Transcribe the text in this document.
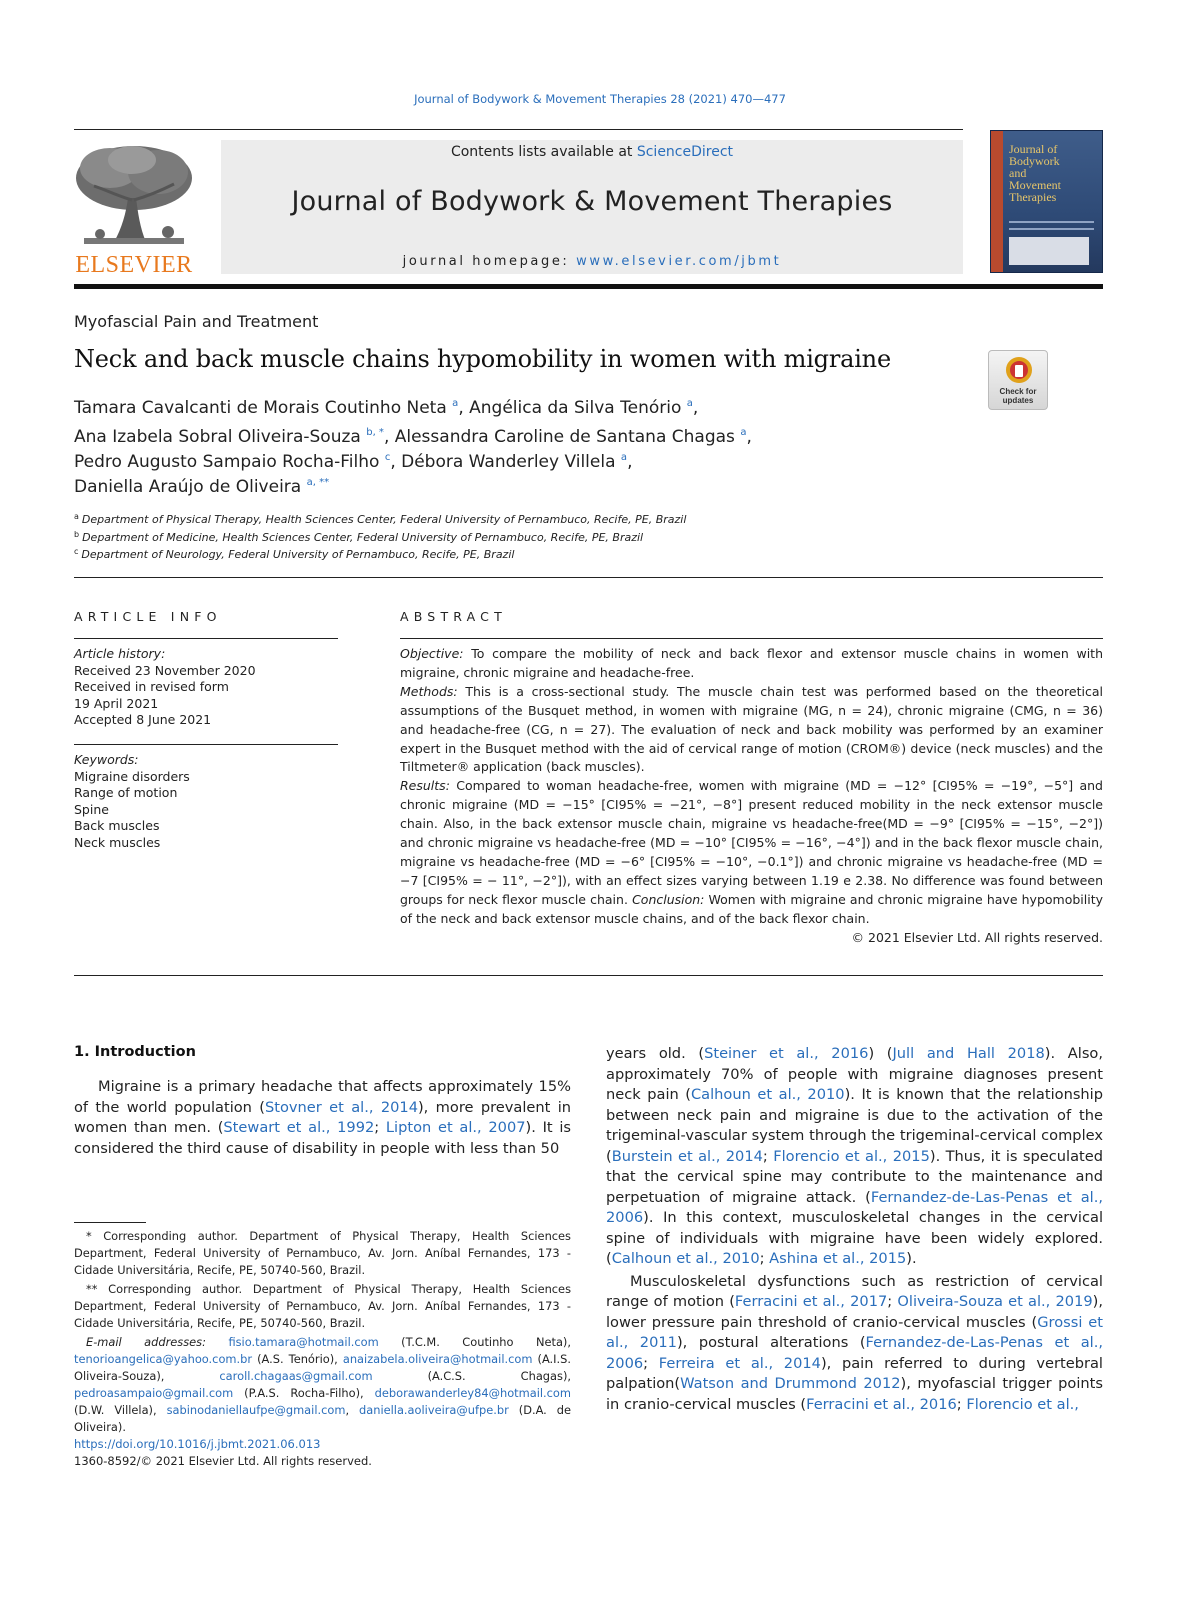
Journal of Bodywork & Movement Therapies 28 (2021) 470—477
ELSEVIER
Contents lists available at ScienceDirect
Journal of Bodywork & Movement Therapies
journal homepage: www.elsevier.com/jbmt
Journal of
Bodywork
and
Movement
Therapies
Myofascial Pain and Treatment
Neck and back muscle chains hypomobility in women with migraine
Check for updates
Tamara Cavalcanti de Morais Coutinho Neta $^a$, Angélica da Silva Tenório $^a$,
Ana Izabela Sobral Oliveira-Souza $^{b, *}$, Alessandra Caroline de Santana Chagas $^a$,
Pedro Augusto Sampaio Rocha-Filho $^c$, Débora Wanderley Villela $^a$,
Daniella Araújo de Oliveira $^{a, **}$
$^a$ Department of Physical Therapy, Health Sciences Center, Federal University of Pernambuco, Recife, PE, Brazil
$^b$ Department of Medicine, Health Sciences Center, Federal University of Pernambuco, Recife, PE, Brazil
$^c$ Department of Neurology, Federal University of Pernambuco, Recife, PE, Brazil
ARTICLE INFO
Article history:
Received 23 November 2020
Received in revised form
19 April 2021
Accepted 8 June 2021
Keywords:
Migraine disorders
Range of motion
Spine
Back muscles
Neck muscles
ABSTRACT

Objective: To compare the mobility of neck and back flexor and extensor muscle chains in women with migraine, chronic migraine and headache-free.

Methods: This is a cross-sectional study. The muscle chain test was performed based on the theoretical assumptions of the Busquet method, in women with migraine (MG, n = 24), chronic migraine (CMG, n = 36) and headache-free (CG, n = 27). The evaluation of neck and back mobility was performed by an examiner expert in the Busquet method with the aid of cervical range of motion (CROM®) device (neck muscles) and the Tiltmeter® application (back muscles).

Results: Compared to woman headache-free, women with migraine (MD = −12° [CI95% = −19°, −5°] and chronic migraine (MD = −15° [CI95% = −21°, −8°] present reduced mobility in the neck extensor muscle chain. Also, in the back extensor muscle chain, migraine vs headache-free(MD = −9° [CI95% = −15°, −2°]) and chronic migraine vs headache-free (MD = −10° [CI95% = −16°, −4°]) and in the back flexor muscle chain, migraine vs headache-free (MD = −6° [CI95% = −10°, −0.1°]) and chronic migraine vs headache-free (MD = −7 [CI95% = − 11°, −2°]), with an effect sizes varying between 1.19 e 2.38. No difference was found between groups for neck flexor muscle chain. Conclusion: Women with migraine and chronic migraine have hypomobility of the neck and back extensor muscle chains, and of the back flexor chain.

© 2021 Elsevier Ltd. All rights reserved.

1. Introduction

Migraine is a primary headache that affects approximately 15% of the world population (Stovner et al., 2014), more prevalent in women than men. (Stewart et al., 1992; Lipton et al., 2007). It is considered the third cause of disability in people with less than 50

years old. (Steiner et al., 2016) (Jull and Hall 2018). Also, approximately 70% of people with migraine diagnoses present neck pain (Calhoun et al., 2010). It is known that the relationship between neck pain and migraine is due to the activation of the trigeminal-vascular system through the trigeminal-cervical complex (Burstein et al., 2014; Florencio et al., 2015). Thus, it is speculated that the cervical spine may contribute to the maintenance and perpetuation of migraine attack. (Fernandez-de-Las-Penas et al., 2006). In this context, musculoskeletal changes in the cervical spine of individuals with migraine have been widely explored. (Calhoun et al., 2010; Ashina et al., 2015).

Musculoskeletal dysfunctions such as restriction of cervical range of motion (Ferracini et al., 2017; Oliveira-Souza et al., 2019), lower pressure pain threshold of cranio-cervical muscles (Grossi et al., 2011), postural alterations (Fernandez-de-Las-Penas et al., 2006; Ferreira et al., 2014), pain referred to during vertebral palpation(Watson and Drummond 2012), myofascial trigger points in cranio-cervical muscles (Ferracini et al., 2016; Florencio et al.,

* Corresponding author. Department of Physical Therapy, Health Sciences Department, Federal University of Pernambuco, Av. Jorn. Aníbal Fernandes, 173 - Cidade Universitária, Recife, PE, 50740-560, Brazil.

** Corresponding author. Department of Physical Therapy, Health Sciences Department, Federal University of Pernambuco, Av. Jorn. Aníbal Fernandes, 173 - Cidade Universitária, Recife, PE, 50740-560, Brazil.

E-mail addresses: fisio.tamara@hotmail.com (T.C.M. Coutinho Neta), tenorioangelica@yahoo.com.br (A.S. Tenório), anaizabela.oliveira@hotmail.com (A.I.S. Oliveira-Souza), caroll.chagaas@gmail.com (A.C.S. Chagas), pedroasampaio@gmail.com (P.A.S. Rocha-Filho), deborawanderley84@hotmail.com (D.W. Villela), sabinodaniellaufpe@gmail.com, daniella.aoliveira@ufpe.br (D.A. de Oliveira).

https://doi.org/10.1016/j.jbmt.2021.06.013
1360-8592/© 2021 Elsevier Ltd. All rights reserved.
